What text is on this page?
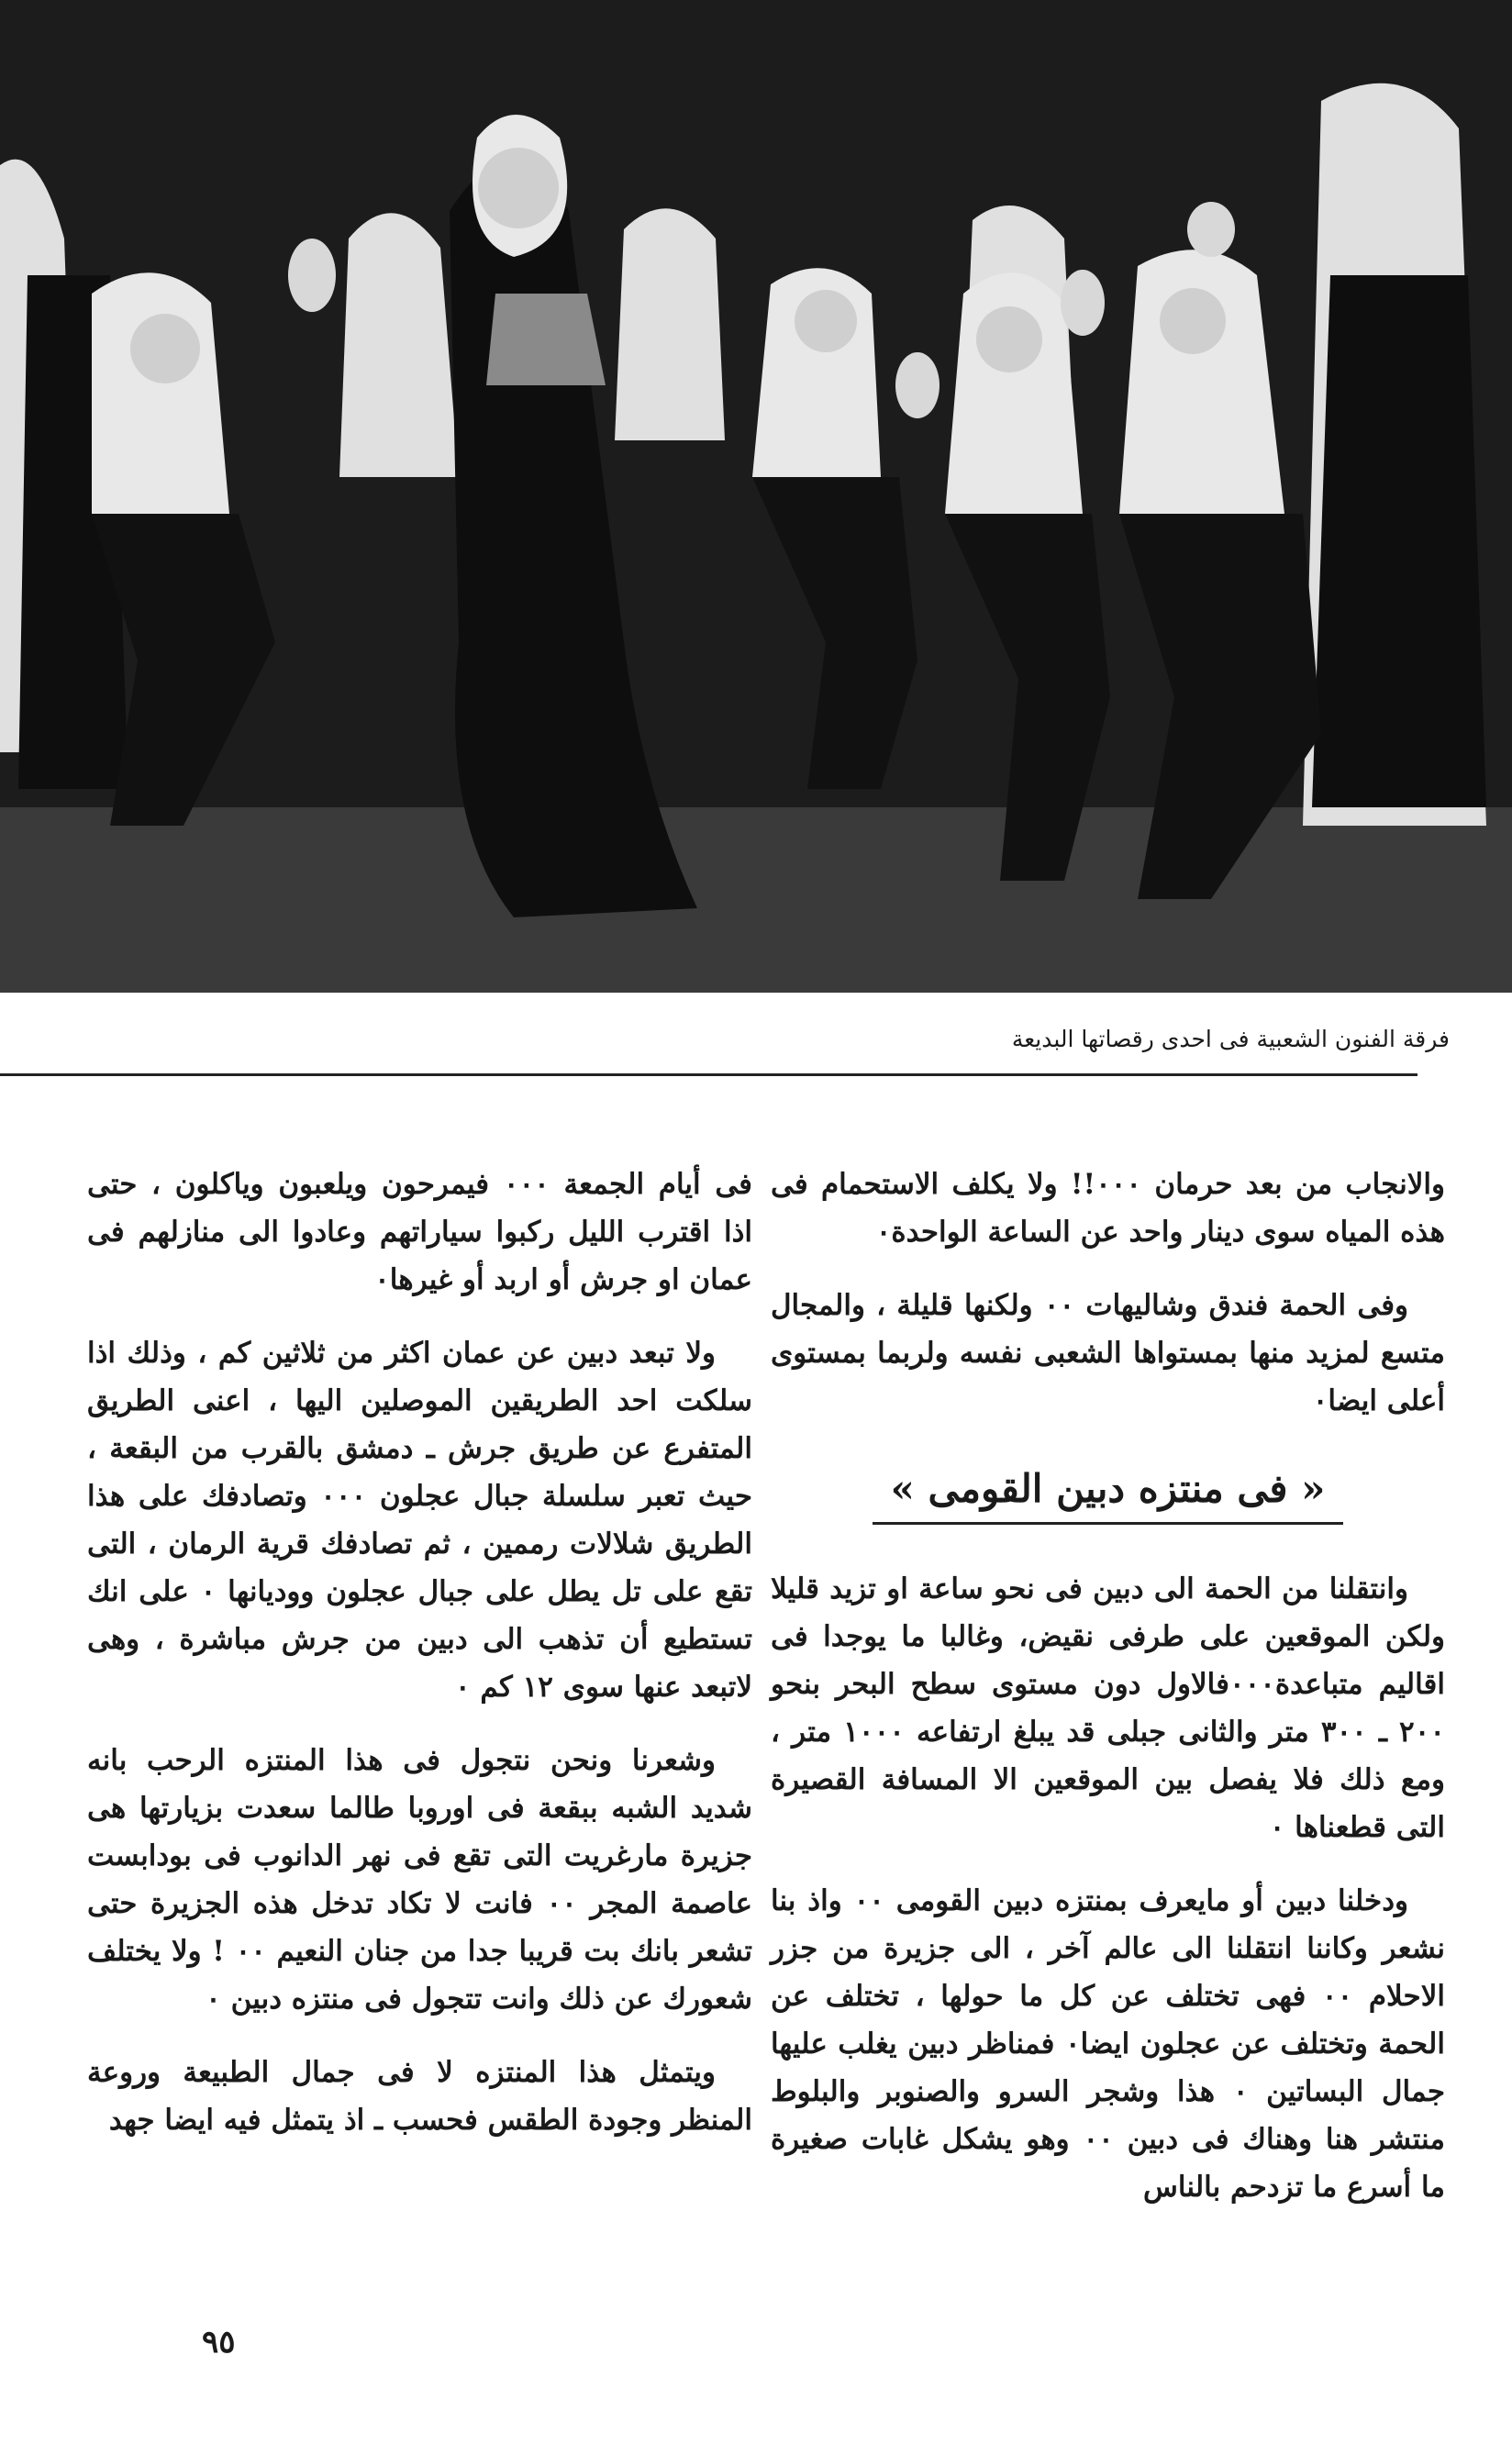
فرقة الفنون الشعبية فى احدى رقصاتها البديعة

والانجاب من بعد حرمان ٠٠٠!! ولا يكلف الاستحمام فى هذه المياه سوى دينار واحد عن الساعة الواحدة٠

وفى الحمة فندق وشاليهات ٠٠ ولكنها قليلة ، والمجال متسع لمزيد منها بمستواها الشعبى نفسه ولربما بمستوى أعلى ايضا٠

« فى منتزه دبين القومى »

وانتقلنا من الحمة الى دبين فى نحو ساعة او تزيد قليلا ولكن الموقعين على طرفى نقيض، وغالبا ما يوجدا فى اقاليم متباعدة٠٠٠فالاول دون مستوى سطح البحر بنحو ٢٠٠ ـ ٣٠٠ متر والثانى جبلى قد يبلغ ارتفاعه ١٠٠٠ متر ، ومع ذلك فلا يفصل بين الموقعين الا المسافة القصيرة التى قطعناها ٠

ودخلنا دبين أو مايعرف بمنتزه دبين القومى ٠٠ واذ بنا نشعر وكاننا انتقلنا الى عالم آخر ، الى جزيرة من جزر الاحلام ٠٠ فهى تختلف عن كل ما حولها ، تختلف عن الحمة وتختلف عن عجلون ايضا٠ فمناظر دبين يغلب عليها جمال البساتين ٠ هذا وشجر السرو والصنوبر والبلوط منتشر هنا وهناك فى دبين ٠٠ وهو يشكل غابات صغيرة ما أسرع ما تزدحم بالناس

فى أيام الجمعة ٠٠٠ فيمرحون ويلعبون وياكلون ، حتى اذا اقترب الليل ركبوا سياراتهم وعادوا الى منازلهم فى عمان او جرش أو اربد أو غيرها٠

ولا تبعد دبين عن عمان اكثر من ثلاثين كم ، وذلك اذا سلكت احد الطريقين الموصلين اليها ، اعنى الطريق المتفرع عن طريق جرش ـ دمشق بالقرب من البقعة ، حيث تعبر سلسلة جبال عجلون ٠٠٠ وتصادفك على هذا الطريق شلالات رممين ، ثم تصادفك قرية الرمان ، التى تقع على تل يطل على جبال عجلون ووديانها ٠ على انك تستطيع أن تذهب الى دبين من جرش مباشرة ، وهى لاتبعد عنها سوى ١٢ كم ٠

وشعرنا ونحن نتجول فى هذا المنتزه الرحب بانه شديد الشبه ببقعة فى اوروبا طالما سعدت بزيارتها هى جزيرة مارغريت التى تقع فى نهر الدانوب فى بودابست عاصمة المجر ٠٠ فانت لا تكاد تدخل هذه الجزيرة حتى تشعر بانك بت قريبا جدا من جنان النعيم ٠٠ ! ولا يختلف شعورك عن ذلك وانت تتجول فى منتزه دبين ٠

ويتمثل هذا المنتزه لا فى جمال الطبيعة وروعة المنظر وجودة الطقس فحسب ـ اذ يتمثل فيه ايضا جهد

٩٥
